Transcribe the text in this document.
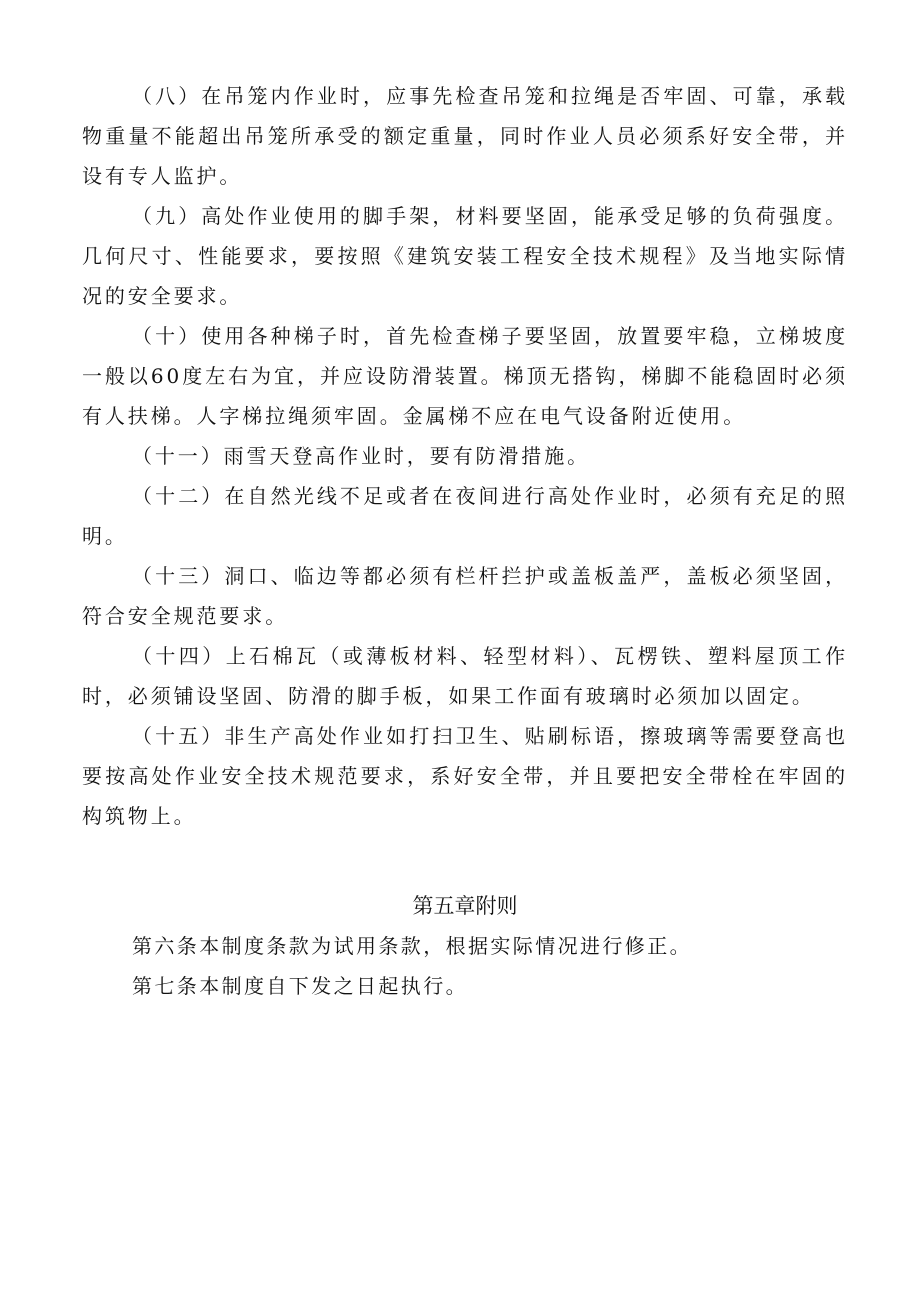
（八）在吊笼内作业时，应事先检查吊笼和拉绳是否牢固、可靠，承载物重量不能超出吊笼所承受的额定重量，同时作业人员必须系好安全带，并设有专人监护。

（九）高处作业使用的脚手架，材料要坚固，能承受足够的负荷强度。几何尺寸、性能要求，要按照《建筑安装工程安全技术规程》及当地实际情况的安全要求。

（十）使用各种梯子时，首先检查梯子要坚固，放置要牢稳，立梯坡度一般以60度左右为宜，并应设防滑装置。梯顶无搭钩，梯脚不能稳固时必须有人扶梯。人字梯拉绳须牢固。金属梯不应在电气设备附近使用。

（十一）雨雪天登高作业时，要有防滑措施。

（十二）在自然光线不足或者在夜间进行高处作业时，必须有充足的照明。

（十三）洞口、临边等都必须有栏杆拦护或盖板盖严，盖板必须坚固，符合安全规范要求。

（十四）上石棉瓦（或薄板材料、轻型材料）、瓦楞铁、塑料屋顶工作时，必须铺设坚固、防滑的脚手板，如果工作面有玻璃时必须加以固定。

（十五）非生产高处作业如打扫卫生、贴刷标语，擦玻璃等需要登高也要按高处作业安全技术规范要求，系好安全带，并且要把安全带栓在牢固的构筑物上。

第五章附则

第六条本制度条款为试用条款，根据实际情况进行修正。

第七条本制度自下发之日起执行。
